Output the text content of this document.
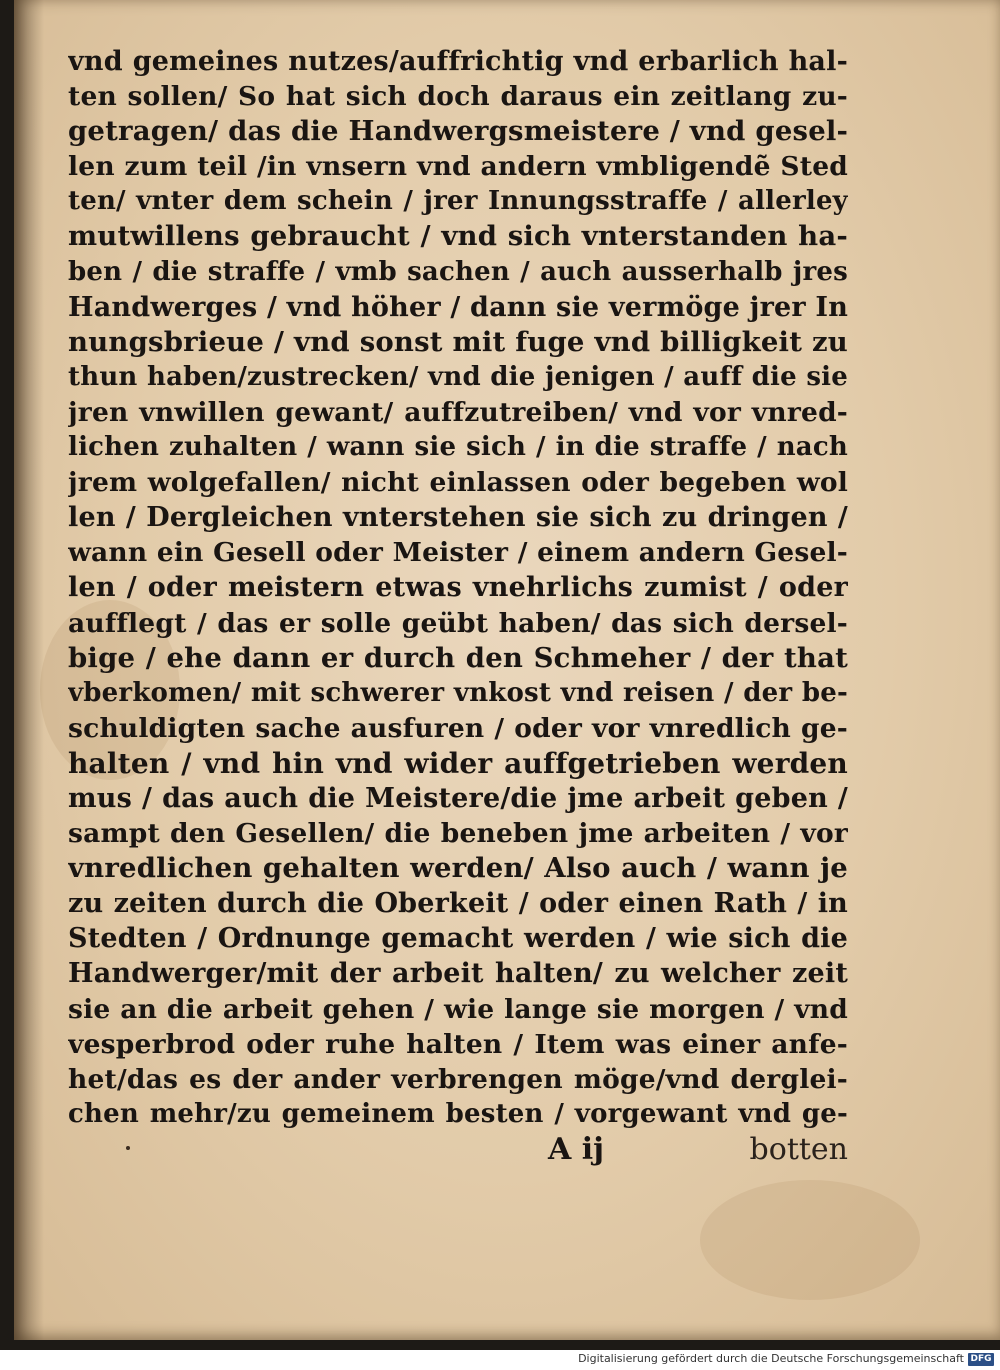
vnd gemeines nutzes/auffrichtig vnd erbarlich hal-
ten sollen/ So hat sich doch daraus ein zeitlang zu-
getragen/ das die Handwergsmeistere / vnd gesel-
len zum teil /in vnsern vnd andern vmbligendẽ Sted
ten/ vnter dem schein / jrer Innungsstraffe / allerley
mutwillens gebraucht / vnd sich vnterstanden ha-
ben / die straffe / vmb sachen / auch ausserhalb jres
Handwerges / vnd höher / dann sie vermöge jrer In
nungsbrieue / vnd sonst mit fuge vnd billigkeit zu
thun haben/zustrecken/ vnd die jenigen / auff die sie
jren vnwillen gewant/ auffzutreiben/ vnd vor vnred-
lichen zuhalten / wann sie sich / in die straffe / nach
jrem wolgefallen/ nicht einlassen oder begeben wol
len / Dergleichen vnterstehen sie sich zu dringen /
wann ein Gesell oder Meister / einem andern Gesel-
len / oder meistern etwas vnehrlichs zumist / oder
aufflegt / das er solle geübt haben/ das sich dersel-
bige / ehe dann er durch den Schmeher / der that
vberkomen/ mit schwerer vnkost vnd reisen / der be-
schuldigten sache ausfuren / oder vor vnredlich ge-
halten / vnd hin vnd wider auffgetrieben werden
mus / das auch die Meistere/die jme arbeit geben /
sampt den Gesellen/ die beneben jme arbeiten / vor
vnredlichen gehalten werden/ Also auch / wann je
zu zeiten durch die Oberkeit / oder einen Rath / in
Stedten / Ordnunge gemacht werden / wie sich die
Handwerger/mit der arbeit halten/ zu welcher zeit
sie an die arbeit gehen / wie lange sie morgen / vnd
vesperbrod oder ruhe halten / Item was einer anfe-
het/das es der ander verbrengen möge/vnd derglei-
chen mehr/zu gemeinem besten / vorgewant vnd ge-
A ij	botten
Digitalisierung gefördert durch die Deutsche Forschungsgemeinschaft DFG
